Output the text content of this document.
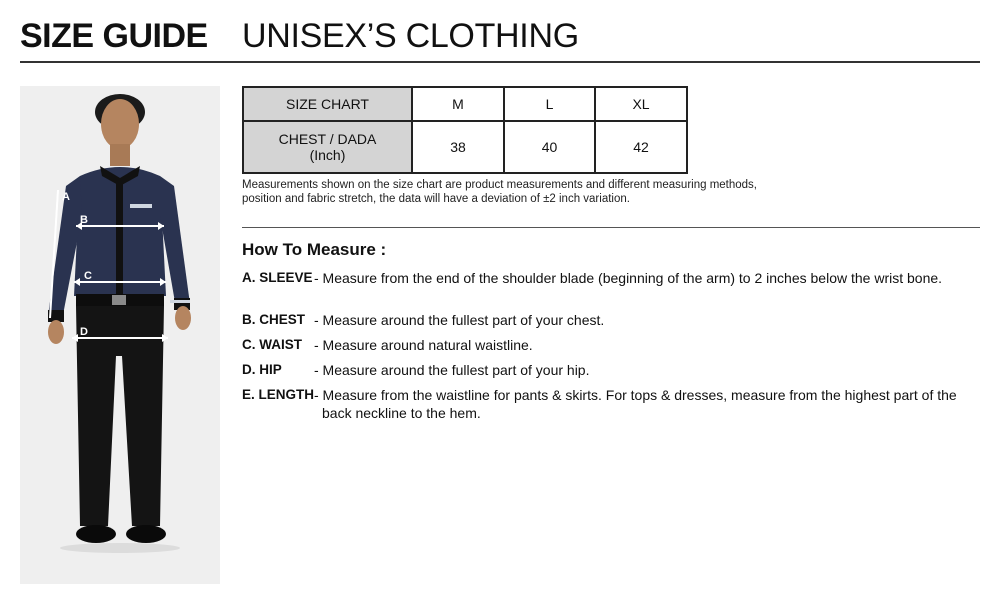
SIZE GUIDE UNISEX’S CLOTHING
A
B
C
D
SIZE CHART	M	L	XL

CHEST / DADA
(Inch)	38	40	42
Measurements shown on the size chart are product measurements and different measuring methods, position and fabric stretch, the data will have a deviation of ±2 inch variation.
How To Measure :
A. SLEEVE - Measure from the end of the shoulder blade (beginning of the arm) to 2 inches below the wrist bone.
B. CHEST - Measure around the fullest part of your chest.
C. WAIST - Measure around natural waistline.
D. HIP	- Measure around the fullest part of your hip.
E. LENGTH - Measure from the waistline for pants & skirts. For tops & dresses, measure from the highest part of the back neckline to the hem.
